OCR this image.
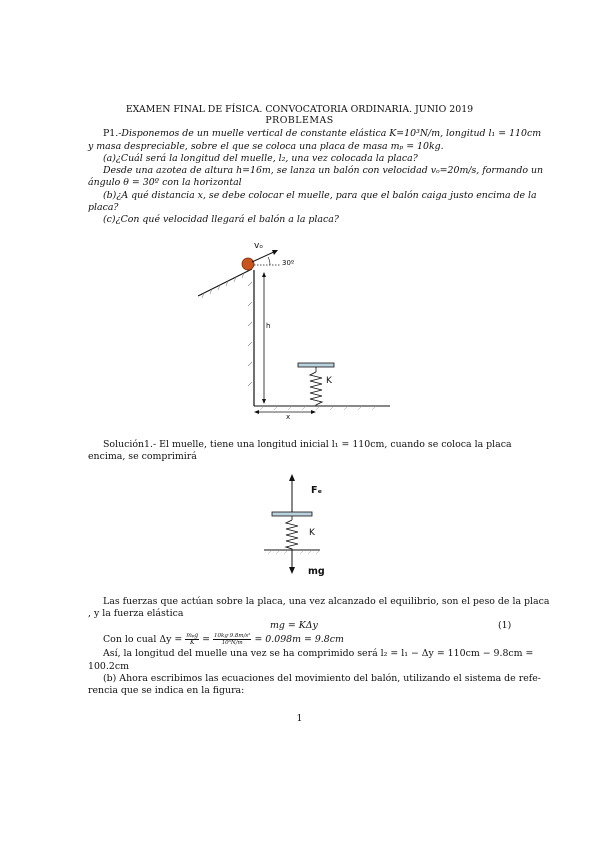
EXAMEN FINAL DE FÍSICA. CONVOCATORIA ORDINARIA. JUNIO 2019
PROBLEMAS
P1.-Disponemos de un muelle vertical de constante elástica K=10³N/m, longitud l₁ = 110cm
y masa despreciable, sobre el que se coloca una placa de masa mₚ = 10kg.
(a)¿Cuál será la longitud del muelle, l₂, una vez colocada la placa?
Desde una azotea de altura h=16m, se lanza un balón con velocidad vₒ=20m/s, formando un
ángulo θ = 30º con la horizontal
(b)¿A qué distancia x, se debe colocar el muelle, para que el balón caiga justo encima de la
placa?
(c)¿Con qué velocidad llegará el balón a la placa?
vₒ
30º
h
K
x
Solución1.- El muelle, tiene una longitud inicial l₁ = 110cm, cuando se coloca la placa
encima, se comprimirá
Fₑ
K
mg
Las fuerzas que actúan sobre la placa, una vez alcanzado el equilibrio, son el peso de la placa
, y la fuerza elástica
mg = KΔy	(1)
Con lo cual Δy = mₚg
$K = \frac{\text{10kg·9.8m/s²}}{\text{10³N/m}} = 0.098m = 9.8cm$
Así, la longitud del muelle una vez se ha comprimido será l₂ = l₁ − Δy = 110cm − 9.8cm =
100.2cm
(b) Ahora escribimos las ecuaciones del movimiento del balón, utilizando el sistema de refe-
rencia que se indica en la figura:
1
